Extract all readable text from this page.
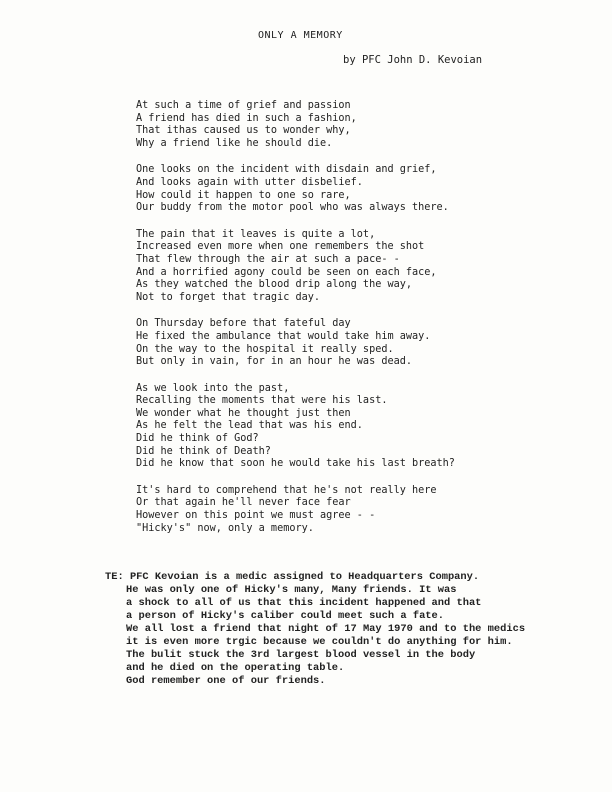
ONLY A MEMORY
by PFC John D. Kevoian
At such a time of grief and passion
A friend has died in such a fashion,
That ithas caused us to wonder why,
Why a friend like he should die.
One looks on the incident with disdain and grief,
And looks again with utter disbelief.
How could it happen to one so rare,
Our buddy from the motor pool who was always there.
The pain that it leaves is quite a lot,
Increased even more when one remembers the shot
That flew through the air at such a pace- -
And a horrified agony could be seen on each face,
As they watched the blood drip along the way,
Not to forget that tragic day.
On Thursday before that fateful day
He fixed the ambulance that would take him away.
On the way to the hospital it really sped.
But only in vain, for in an hour he was dead.
As we look into the past,
Recalling the moments that were his last.
We wonder what he thought just then
As he felt the lead that was his end.
Did he think of God?
Did he think of Death?
Did he know that soon he would take his last breath?
It's hard to comprehend that he's not really here
Or that again he'll never face fear
However on this point we must agree - -
"Hicky's" now, only a memory.
TE: PFC Kevoian is a medic assigned to Headquarters Company.
He was only one of Hicky's many, Many friends. It was
a shock to all of us that this incident happened and that
a person of Hicky's caliber could meet such a fate.
We all lost a friend that night of 17 May 1970 and to the medics
it is even more trgic because we couldn't do anything for him.
The bulit stuck the 3rd largest blood vessel in the body
and he died on the operating table.
God remember one of our friends.
